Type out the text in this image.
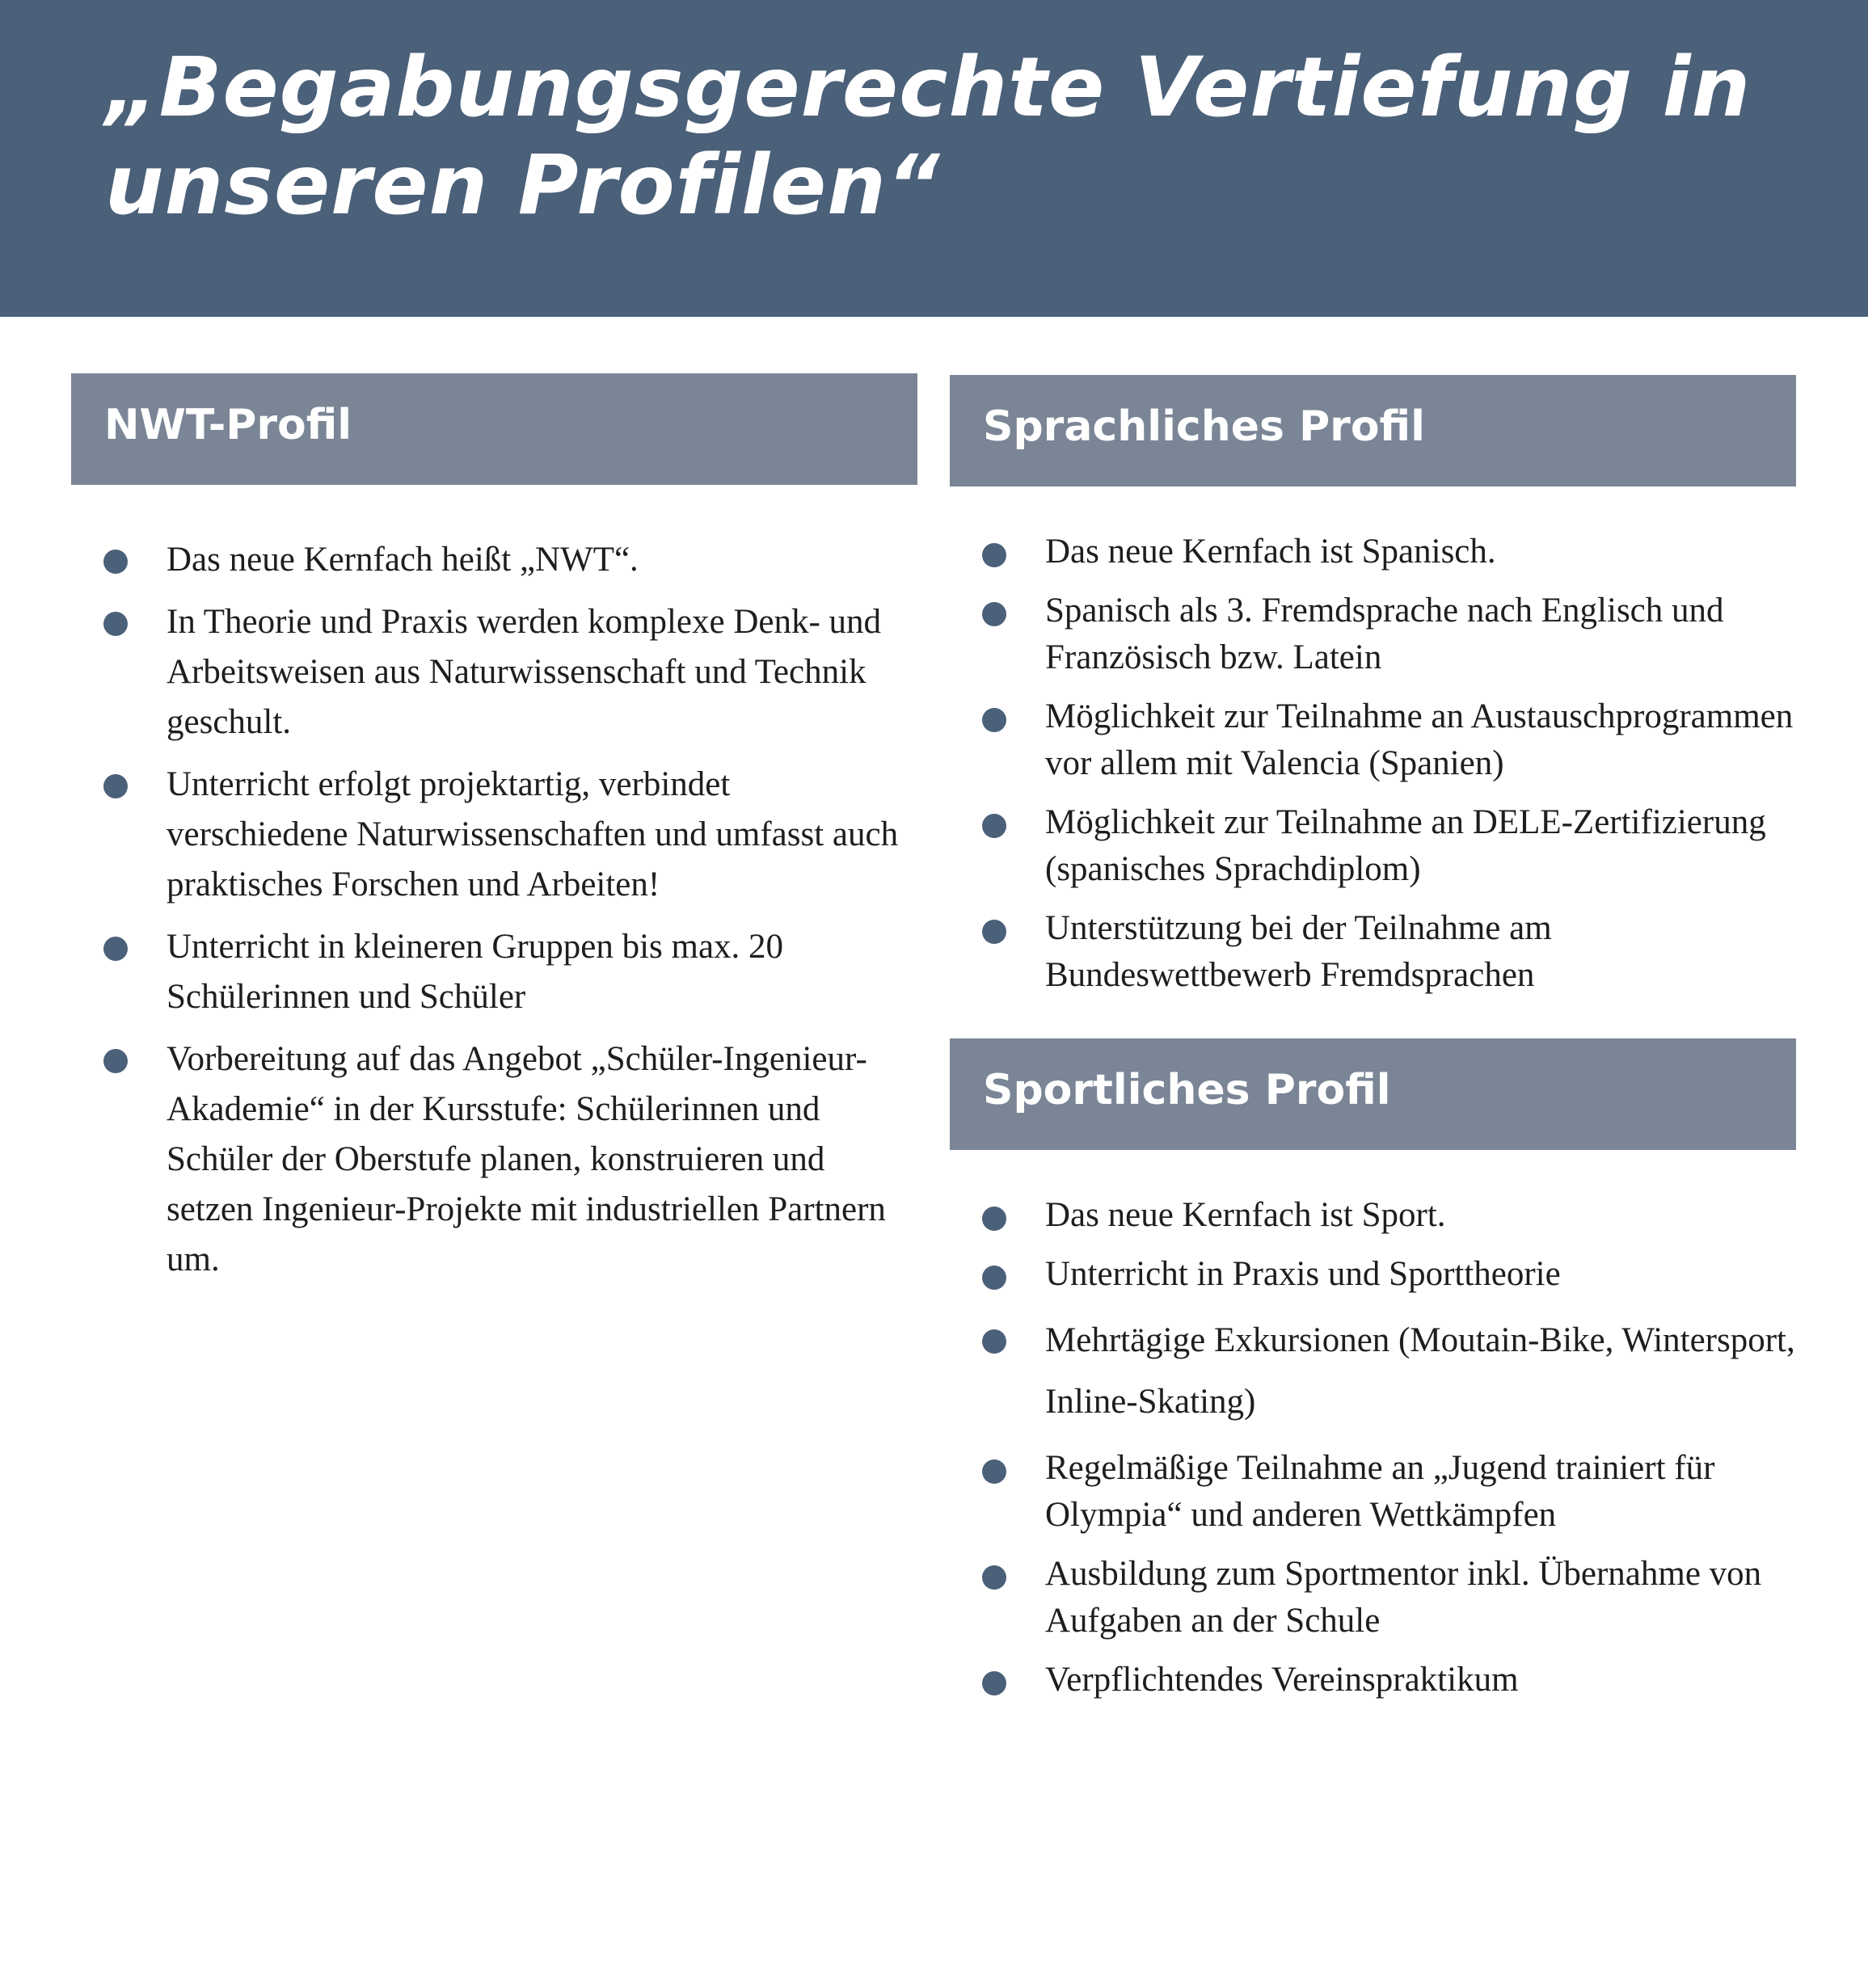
„Begabungsgerechte Vertiefung in unseren Profilen“
NWT-Profil
Das neue Kernfach heißt „NWT“.
In Theorie und Praxis werden komplexe Denk- und Arbeitsweisen aus Naturwissenschaft und Technik geschult.
Unterricht erfolgt projektartig, verbindet verschiedene Naturwissenschaften und umfasst auch praktisches Forschen und Arbeiten!
Unterricht in kleineren Gruppen bis max. 20 Schülerinnen und Schüler
Vorbereitung auf das Angebot „Schüler-Ingenieur-Akademie“ in der Kursstufe: Schülerinnen und Schüler der Oberstufe planen, konstruieren und setzen Ingenieur-Projekte mit industriellen Partnern um.
Sprachliches Profil
Das neue Kernfach ist Spanisch.
Spanisch als 3. Fremdsprache nach Englisch und Französisch bzw. Latein
Möglichkeit zur Teilnahme an Austauschprogrammen vor allem mit Valencia (Spanien)
Möglichkeit zur Teilnahme an DELE-Zertifizierung (spanisches Sprachdiplom)
Unterstützung bei der Teilnahme am Bundeswettbewerb Fremdsprachen
Sportliches Profil
Das neue Kernfach ist Sport.
Unterricht in Praxis und Sporttheorie
Mehrtägige Exkursionen (Moutain-Bike, Wintersport, Inline-Skating)
Regelmäßige Teilnahme an „Jugend trainiert für Olympia“ und anderen Wettkämpfen
Ausbildung zum Sportmentor inkl. Übernahme von Aufgaben an der Schule
Verpflichtendes Vereinspraktikum
